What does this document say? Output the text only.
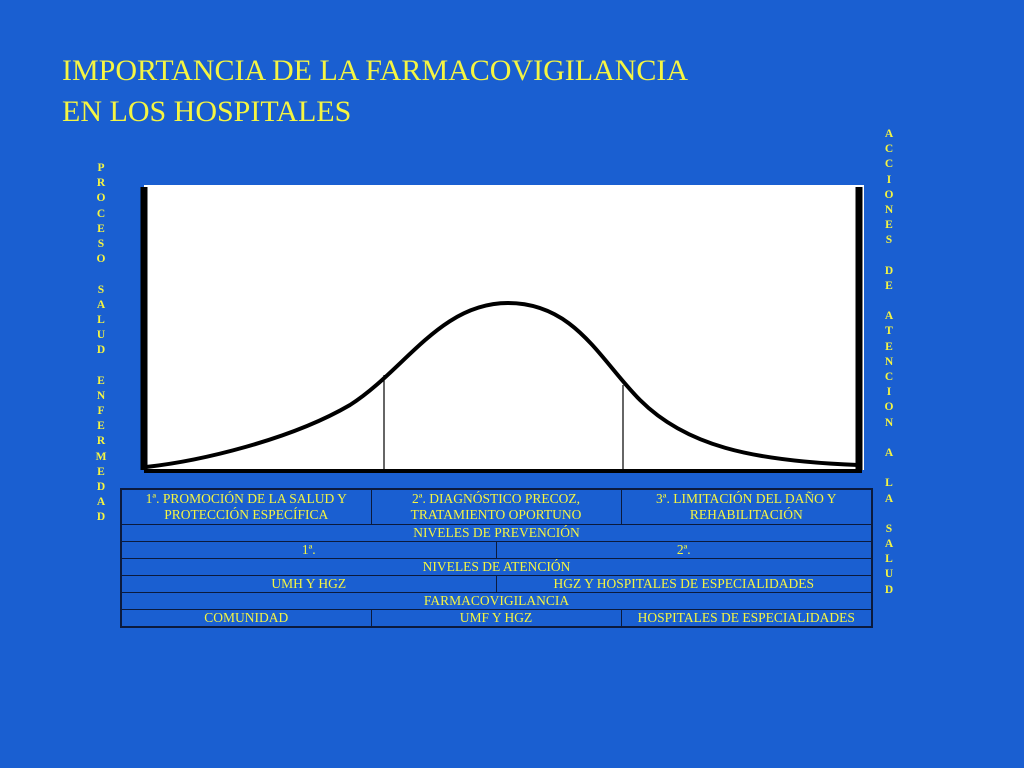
IMPORTANCIA DE LA FARMACOVIGILANCIA
EN LOS HOSPITALES
P
R
O
C
E
S
O
S
A
L
U
D
E
N
F
E
R
M
E
D
A
D
A
C
C
I
O
N
E
S
D
E
A
T
E
N
C
I
O
N
A
L
A
S
A
L
U
D
1ª. PROMOCIÓN DE LA SALUD Y PROTECCIÓN ESPECÍFICA	2ª. DIAGNÓSTICO PRECOZ, TRATAMIENTO OPORTUNO		3ª. LIMITACIÓN DEL DAÑO Y REHABILITACIÓN
NIVELES DE PREVENCIÓN			
1ª.		2ª.	
NIVELES DE ATENCIÓN			
UMH Y HGZ		HGZ Y HOSPITALES DE ESPECIALIDADES	
FARMACOVIGILANCIA			
COMUNIDAD	UMF Y HGZ		HOSPITALES DE ESPECIALIDADES
